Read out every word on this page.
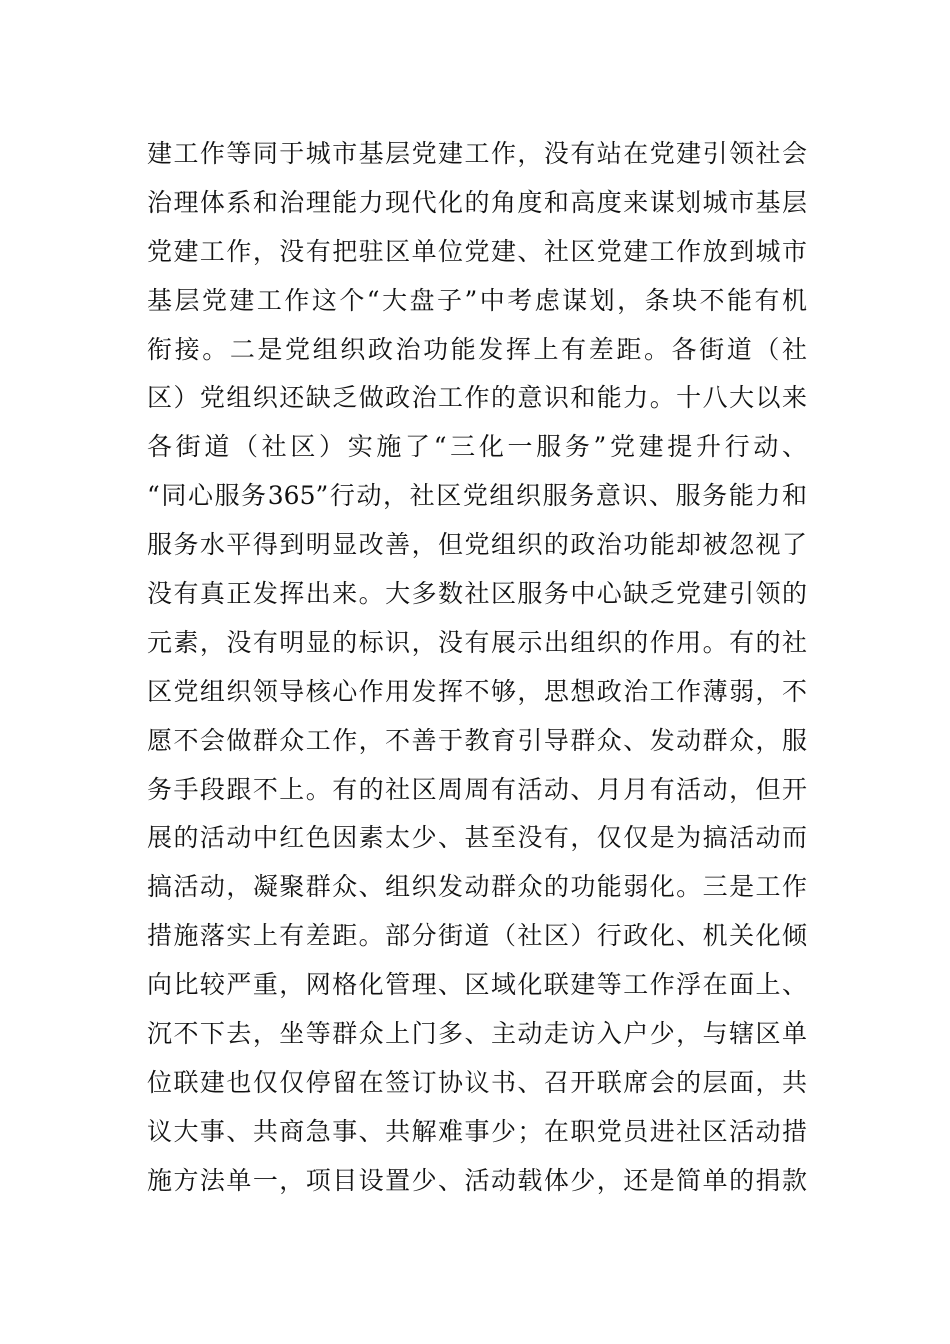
建工作等同于城市基层党建工作，没有站在党建引领社会
治理体系和治理能力现代化的角度和高度来谋划城市基层
党建工作，没有把驻区单位党建、社区党建工作放到城市
基层党建工作这个“大盘子”中考虑谋划，条块不能有机
衔接。二是党组织政治功能发挥上有差距。各街道（社
区）党组织还缺乏做政治工作的意识和能力。十八大以来
各街道（社区）实施了“三化一服务”党建提升行动、
“同心服务365”行动，社区党组织服务意识、服务能力和
服务水平得到明显改善，但党组织的政治功能却被忽视了
没有真正发挥出来。大多数社区服务中心缺乏党建引领的
元素，没有明显的标识，没有展示出组织的作用。有的社
区党组织领导核心作用发挥不够，思想政治工作薄弱，不
愿不会做群众工作，不善于教育引导群众、发动群众，服
务手段跟不上。有的社区周周有活动、月月有活动，但开
展的活动中红色因素太少、甚至没有，仅仅是为搞活动而
搞活动，凝聚群众、组织发动群众的功能弱化。三是工作
措施落实上有差距。部分街道（社区）行政化、机关化倾
向比较严重，网格化管理、区域化联建等工作浮在面上、
沉不下去，坐等群众上门多、主动走访入户少，与辖区单
位联建也仅仅停留在签订协议书、召开联席会的层面，共
议大事、共商急事、共解难事少；在职党员进社区活动措
施方法单一，项目设置少、活动载体少，还是简单的捐款
